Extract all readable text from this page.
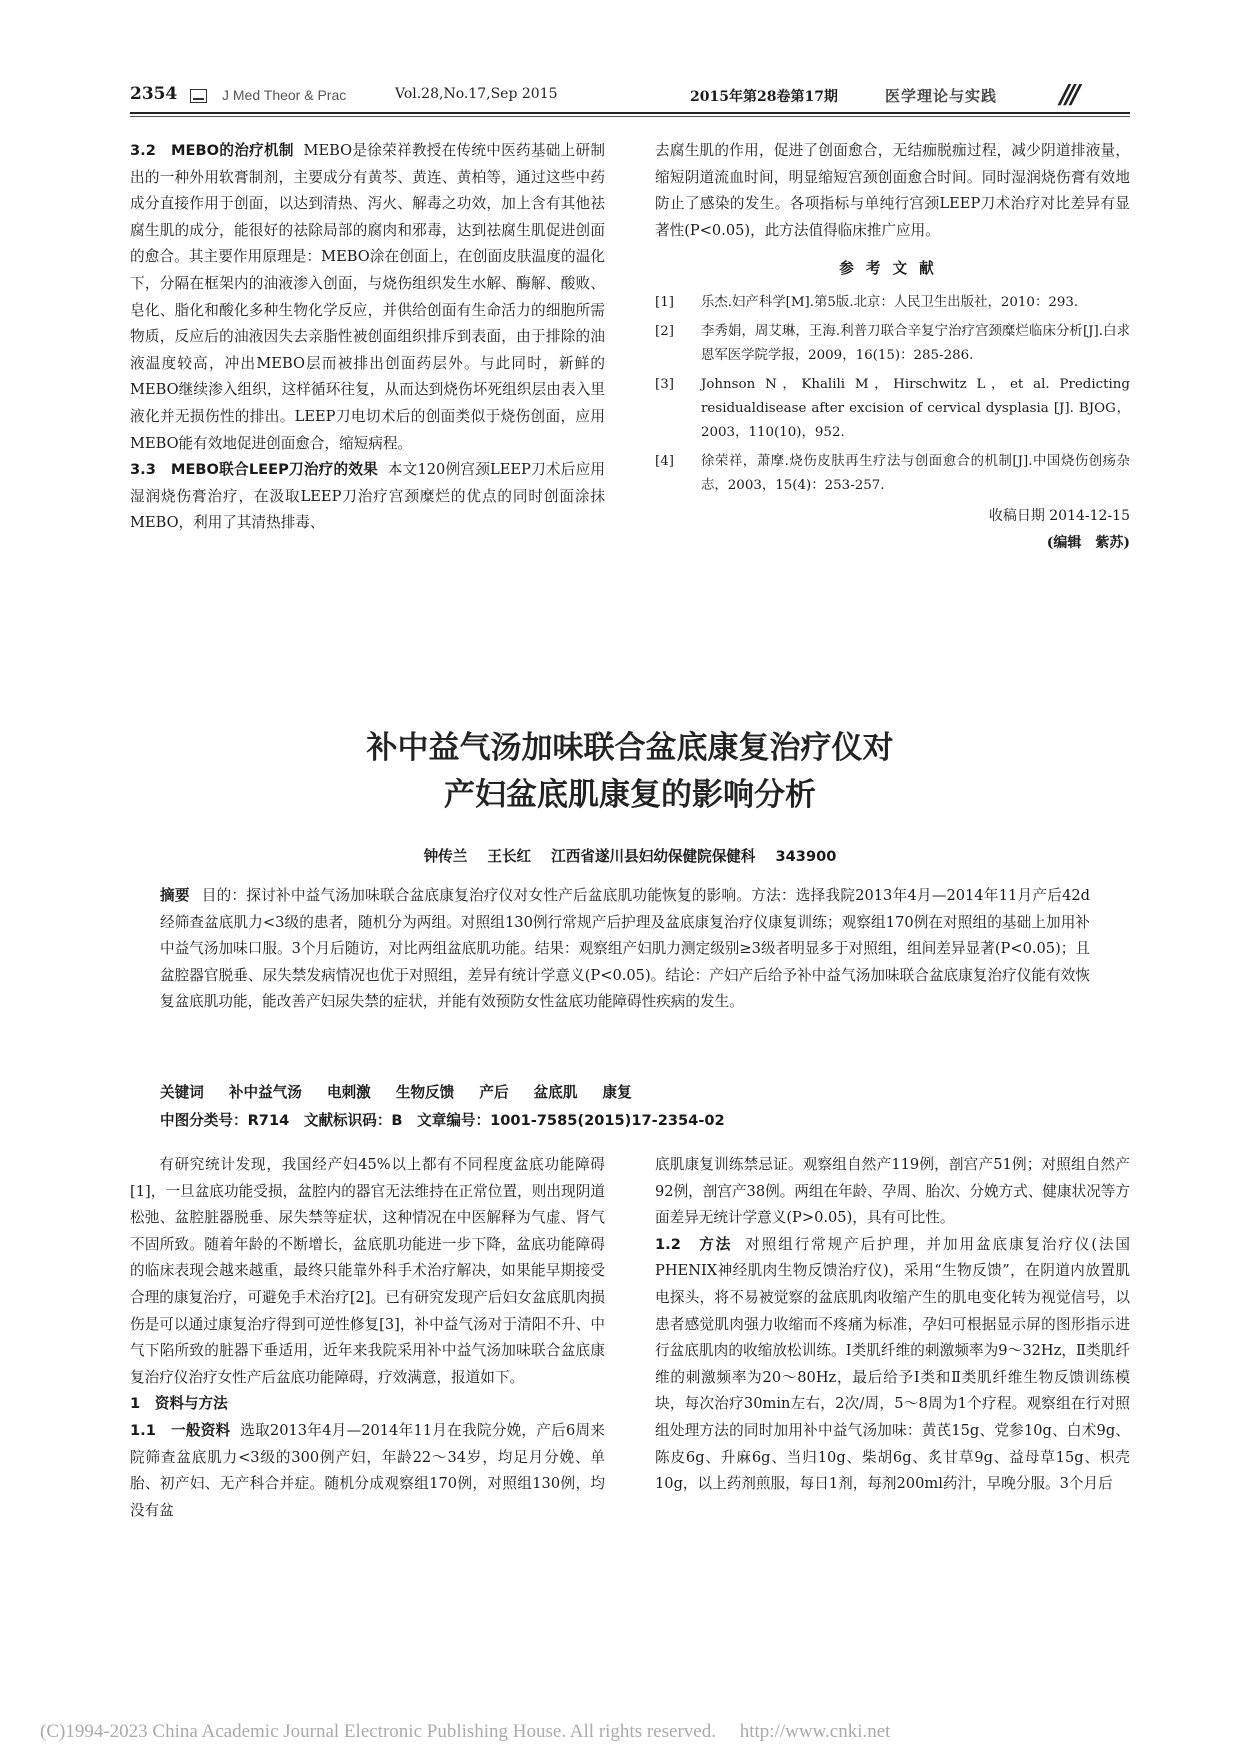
2354	J Med Theor & Prac	Vol.28,No.17,Sep 2015	2015年第28卷第17期	医学理论与实践 ///

3.2　MEBO的治疗机制 MEBO是徐荣祥教授在传统中医药基础上研制出的一种外用软膏制剂，主要成分有黄芩、黄连、黄柏等，通过这些中药成分直接作用于创面，以达到清热、泻火、解毒之功效，加上含有其他祛腐生肌的成分，能很好的祛除局部的腐肉和邪毒，达到祛腐生肌促进创面的愈合。其主要作用原理是：MEBO涂在创面上，在创面皮肤温度的温化下，分隔在框架内的油液渗入创面，与烧伤组织发生水解、酶解、酸败、皂化、脂化和酸化多种生物化学反应，并供给创面有生命活力的细胞所需物质，反应后的油液因失去亲脂性被创面组织排斥到表面，由于排除的油液温度较高，冲出MEBO层而被排出创面药层外。与此同时，新鲜的MEBO继续渗入组织，这样循环往复，从而达到烧伤坏死组织层由表入里液化并无损伤性的排出。LEEP刀电切术后的创面类似于烧伤创面，应用MEBO能有效地促进创面愈合，缩短病程。

3.3　MEBO联合LEEP刀治疗的效果 本文120例宫颈LEEP刀术后应用湿润烧伤膏治疗，在汲取LEEP刀治疗宫颈糜烂的优点的同时创面涂抹MEBO，利用了其清热排毒、

去腐生肌的作用，促进了创面愈合，无结痂脱痂过程，减少阴道排液量，缩短阴道流血时间，明显缩短宫颈创面愈合时间。同时湿润烧伤膏有效地防止了感染的发生。各项指标与单纯行宫颈LEEP刀术治疗对比差异有显著性(P<0.05)，此方法值得临床推广应用。

参考文献
[1] 乐杰.妇产科学[M].第5版.北京：人民卫生出版社，2010：293.
[2] 李秀娟，周艾琳，王海.利普刀联合辛复宁治疗宫颈糜烂临床分析[J].白求恩军医学院学报，2009，16(15)：285-286.
[3] Johnson N，Khalili M，Hirschwitz L，et al. Predicting residualdisease after excision of cervical dysplasia [J]. BJOG，2003，110(10)，952.
[4] 徐荣祥，萧摩.烧伤皮肤再生疗法与创面愈合的机制[J].中国烧伤创疡杂志，2003，15(4)：253-257.
收稿日期 2014-12-15
(编辑　紫苏)
补中益气汤加味联合盆底康复治疗仪对
产妇盆底肌康复的影响分析
钟传兰 王长红 江西省遂川县妇幼保健院保健科 343900
摘要 目的：探讨补中益气汤加味联合盆底康复治疗仪对女性产后盆底肌功能恢复的影响。方法：选择我院2013年4月—2014年11月产后42d经筛查盆底肌力<3级的患者，随机分为两组。对照组130例行常规产后护理及盆底康复治疗仪康复训练；观察组170例在对照组的基础上加用补中益气汤加味口服。3个月后随访，对比两组盆底肌功能。结果：观察组产妇肌力测定级别≥3级者明显多于对照组，组间差异显著(P<0.05)；且盆腔器官脱垂、尿失禁发病情况也优于对照组，差异有统计学意义(P<0.05)。结论：产妇产后给予补中益气汤加味联合盆底康复治疗仪能有效恢复盆底肌功能，能改善产妇尿失禁的症状，并能有效预防女性盆底功能障碍性疾病的发生。
关键词 补中益气汤 电刺激 生物反馈 产后 盆底肌 康复
中图分类号：R714　文献标识码：B　文章编号：1001-7585(2015)17-2354-02

有研究统计发现，我国经产妇45%以上都有不同程度盆底功能障碍[1]，一旦盆底功能受损，盆腔内的器官无法维持在正常位置，则出现阴道松弛、盆腔脏器脱垂、尿失禁等症状，这种情况在中医解释为气虚、肾气不固所致。随着年龄的不断增长，盆底肌功能进一步下降，盆底功能障碍的临床表现会越来越重，最终只能靠外科手术治疗解决，如果能早期接受合理的康复治疗，可避免手术治疗[2]。已有研究发现产后妇女盆底肌肉损伤是可以通过康复治疗得到可逆性修复[3]，补中益气汤对于清阳不升、中气下陷所致的脏器下垂适用，近年来我院采用补中益气汤加味联合盆底康复治疗仪治疗女性产后盆底功能障碍，疗效满意，报道如下。

1　资料与方法

1.1　一般资料 选取2013年4月—2014年11月在我院分娩，产后6周来院筛查盆底肌力<3级的300例产妇，年龄22～34岁，均足月分娩、单胎、初产妇、无产科合并症。随机分成观察组170例，对照组130例，均没有盆

底肌康复训练禁忌证。观察组自然产119例，剖宫产51例；对照组自然产92例，剖宫产38例。两组在年龄、孕周、胎次、分娩方式、健康状况等方面差异无统计学意义(P>0.05)，具有可比性。

1.2　方法 对照组行常规产后护理，并加用盆底康复治疗仪(法国PHENIX神经肌肉生物反馈治疗仪)，采用“生物反馈”，在阴道内放置肌电探头，将不易被觉察的盆底肌肉收缩产生的肌电变化转为视觉信号，以患者感觉肌肉强力收缩而不疼痛为标准，孕妇可根据显示屏的图形指示进行盆底肌肉的收缩放松训练。Ⅰ类肌纤维的刺激频率为9～32Hz，Ⅱ类肌纤维的刺激频率为20～80Hz，最后给予Ⅰ类和Ⅱ类肌纤维生物反馈训练模块，每次治疗30min左右，2次/周，5～8周为1个疗程。观察组在行对照组处理方法的同时加用补中益气汤加味：黄芪15g、党参10g、白术9g、陈皮6g、升麻6g、当归10g、柴胡6g、炙甘草9g、益母草15g、枳壳10g，以上药剂煎服，每日1剂，每剂200ml药汁，早晚分服。3个月后

(C)1994-2023 China Academic Journal Electronic Publishing House. All rights reserved.　 http://www.cnki.net
